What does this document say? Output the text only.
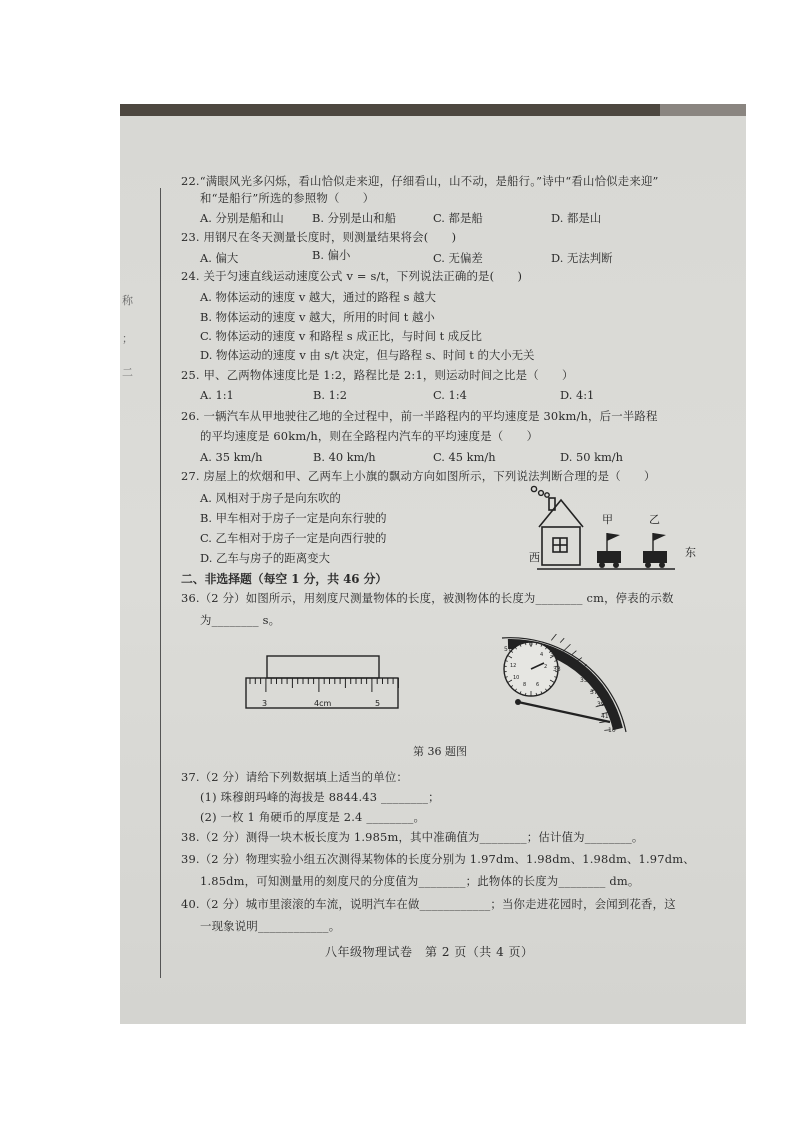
称
；
二
22.“满眼风光多闪烁，看山恰似走来迎，仔细看山，山不动，是船行。”诗中“看山恰似走来迎”
和“是船行”所选的参照物（　　）
A. 分别是船和山 B. 分别是山和船	C. 都是船	D. 都是山
23. 用钢尺在冬天测量长度时，则测量结果将会(　　)
A. 偏大	B. 偏小	C. 无偏差	D. 无法判断
24. 关于匀速直线运动速度公式 v = s/t，下列说法正确的是(　　)
A. 物体运动的速度 v 越大，通过的路程 s 越大
B. 物体运动的速度 v 越大，所用的时间 t 越小
C. 物体运动的速度 v 和路程 s 成正比，与时间 t 成反比
D. 物体运动的速度 v 由 s/t 决定，但与路程 s、时间 t 的大小无关
25. 甲、乙两物体速度比是 1:2，路程比是 2:1，则运动时间之比是（　　）
A. 1:1	B. 1:2	C. 1:4	D. 4:1
26. 一辆汽车从甲地驶往乙地的全过程中，前一半路程内的平均速度是 30km/h，后一半路程
的平均速度是 60km/h，则在全路程内汽车的平均速度是（　　）
A. 35 km/h	B. 40 km/h	C. 45 km/h	D. 50 km/h
27. 房屋上的炊烟和甲、乙两车上小旗的飘动方向如图所示，下列说法判断合理的是（　　）
A. 风相对于房子是向东吹的
B. 甲车相对于房子一定是向东行驶的
C. 乙车相对于房子一定是向西行驶的
D. 乙车与房子的距离变大	西	东
甲	乙
二、非选择题（每空 1 分，共 46 分）
36.（2 分）如图所示，用刻度尺测量物体的长度，被测物体的长度为________ cm，停表的示数
为________ s。
3	4cm	5
57
0
31
33
4
2
12
10
8 6
35
37
39
41
10
第 36 题图
37.（2 分）请给下列数据填上适当的单位：
(1) 珠穆朗玛峰的海拔是 8844.43 ________；
(2) 一枚 1 角硬币的厚度是 2.4 ________。
38.（2 分）测得一块木板长度为 1.985m，其中准确值为________；估计值为________。
39.（2 分）物理实验小组五次测得某物体的长度分别为 1.97dm、1.98dm、1.98dm、1.97dm、
1.85dm，可知测量用的刻度尺的分度值为________；此物体的长度为________ dm。
40.（2 分）城市里滚滚的车流，说明汽车在做____________；当你走进花园时，会闻到花香，这
一现象说明____________。
八年级物理试卷　第 2 页（共 4 页）
